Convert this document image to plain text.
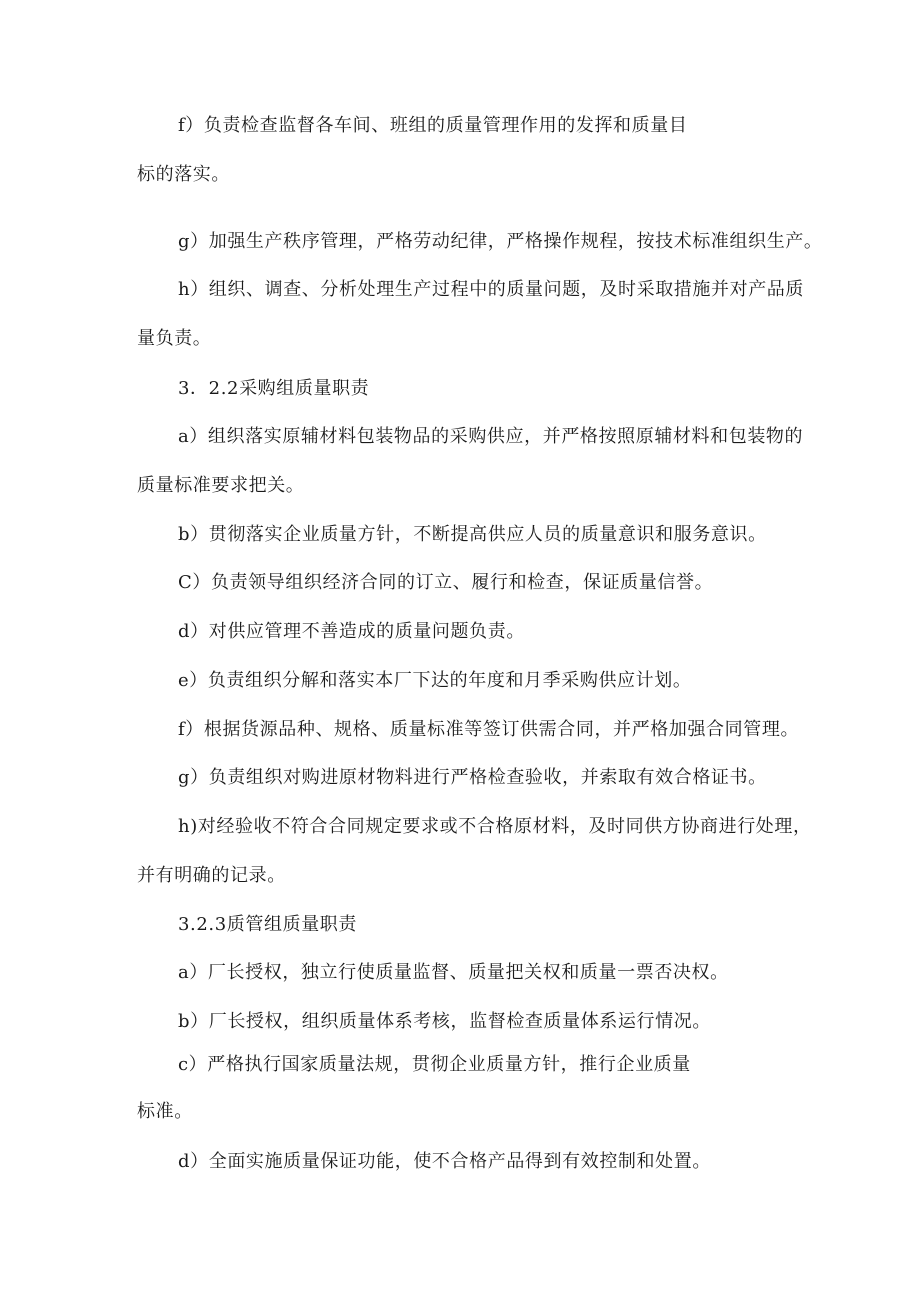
f）负责检查监督各车间、班组的质量管理作用的发挥和质量目
标的落实。
g）加强生产秩序管理，严格劳动纪律，严格操作规程，按技术标准组织生产。
h）组织、调查、分析处理生产过程中的质量问题，及时采取措施并对产品质
量负责。
3．2.2采购组质量职责
a）组织落实原辅材料包装物品的采购供应，并严格按照原辅材料和包装物的
质量标准要求把关。
b）贯彻落实企业质量方针，不断提高供应人员的质量意识和服务意识。
C）负责领导组织经济合同的订立、履行和检查，保证质量信誉。
d）对供应管理不善造成的质量问题负责。
e）负责组织分解和落实本厂下达的年度和月季采购供应计划。
f）根据货源品种、规格、质量标准等签订供需合同，并严格加强合同管理。
g）负责组织对购进原材物料进行严格检查验收，并索取有效合格证书。
h)对经验收不符合合同规定要求或不合格原材料，及时同供方协商进行处理，
并有明确的记录。
3.2.3质管组质量职责
a）厂长授权，独立行使质量监督、质量把关权和质量一票否决权。
b）厂长授权，组织质量体系考核，监督检查质量体系运行情况。
c）严格执行国家质量法规，贯彻企业质量方针，推行企业质量
标准。
d）全面实施质量保证功能，使不合格产品得到有效控制和处置。
